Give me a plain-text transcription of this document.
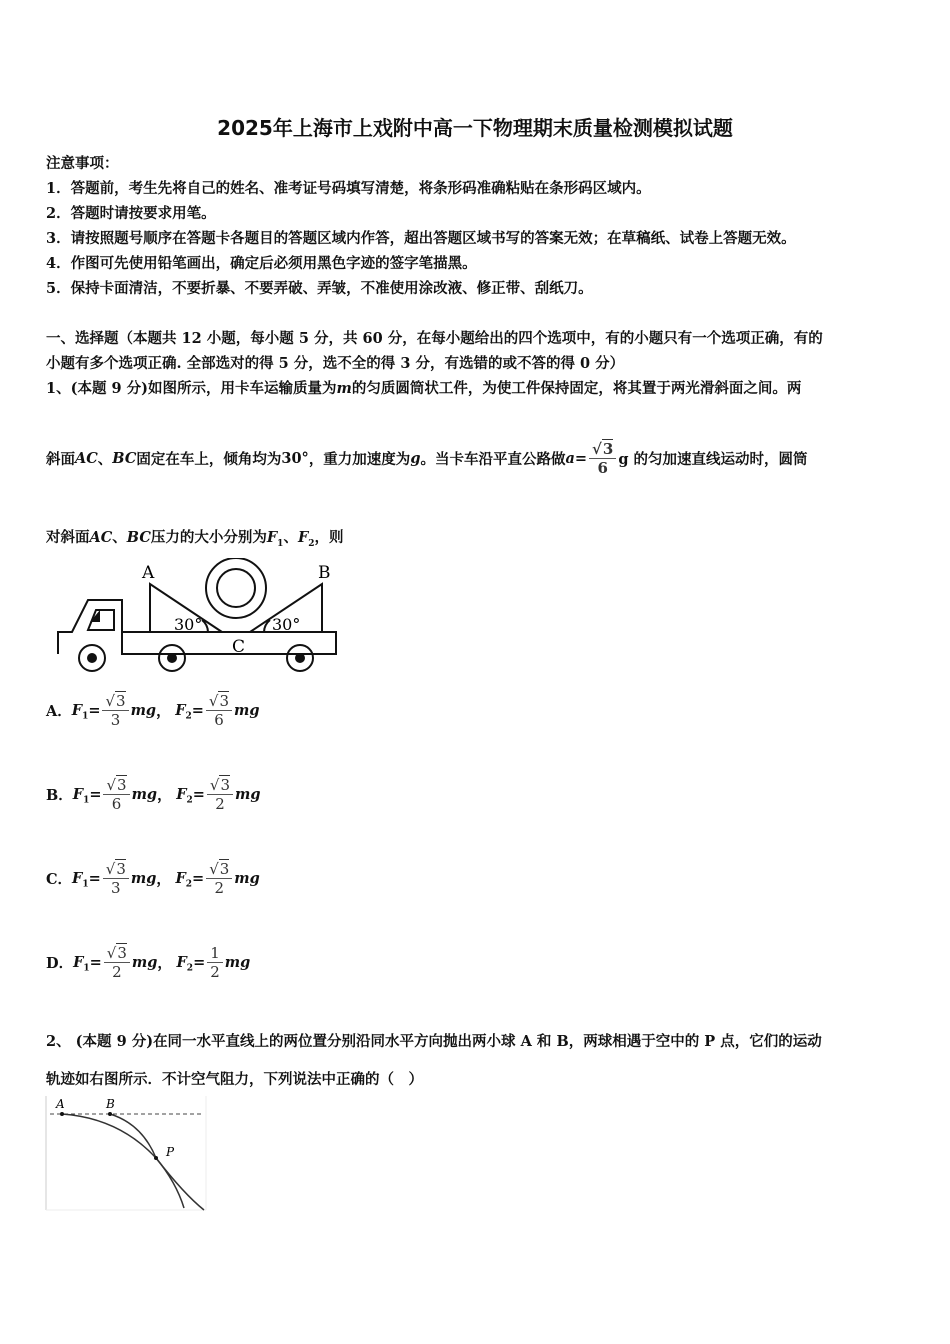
2025年上海市上戏附中高一下物理期末质量检测模拟试题
注意事项：
1．答题前，考生先将自己的姓名、准考证号码填写清楚，将条形码准确粘贴在条形码区域内。
2．答题时请按要求用笔。
3．请按照题号顺序在答题卡各题目的答题区域内作答，超出答题区域书写的答案无效；在草稿纸、试卷上答题无效。
4．作图可先使用铅笔画出，确定后必须用黑色字迹的签字笔描黑。
5．保持卡面清洁，不要折暴、不要弄破、弄皱，不准使用涂改液、修正带、刮纸刀。
一、选择题（本题共 12 小题，每小题 5 分，共 60 分，在每小题给出的四个选项中，有的小题只有一个选项正确，有的
小题有多个选项正确. 全部选对的得 5 分，选不全的得 3 分，有选错的或不答的得 0 分）
1、(本题 9 分)如图所示，用卡车运输质量为m的匀质圆筒状工件，为使工件保持固定，将其置于两光滑斜面之间。两
斜面AC、BC固定在车上，倾角均为30°，重力加速度为g。当卡车沿平直公路做$a= \frac{√3}{6}$ g 的匀加速直线运动时，圆筒
对斜面AC、BC压力的大小分别为$F_1$、$F_2$，则
A	B
C
30°	30°
A．$F_1= \frac{√3}{3}$ mg， $F_2= \frac{√3}{6}$ mg
B．$F_1= \frac{√3}{6}$ mg， $F_2= \frac{√3}{2}$ mg
C．$F_1= \frac{√3}{3}$ mg， $F_2= \frac{√3}{2}$ mg
D．$F_1= \frac{√3}{2}$ mg， $F_2= \frac{1}{2}$ mg
2、 (本题 9 分)在同一水平直线上的两位置分别沿同水平方向抛出两小球 A 和 B，两球相遇于空中的 P 点，它们的运动
轨迹如右图所示．不计空气阻力，下列说法中正确的（　）
A	B
P
